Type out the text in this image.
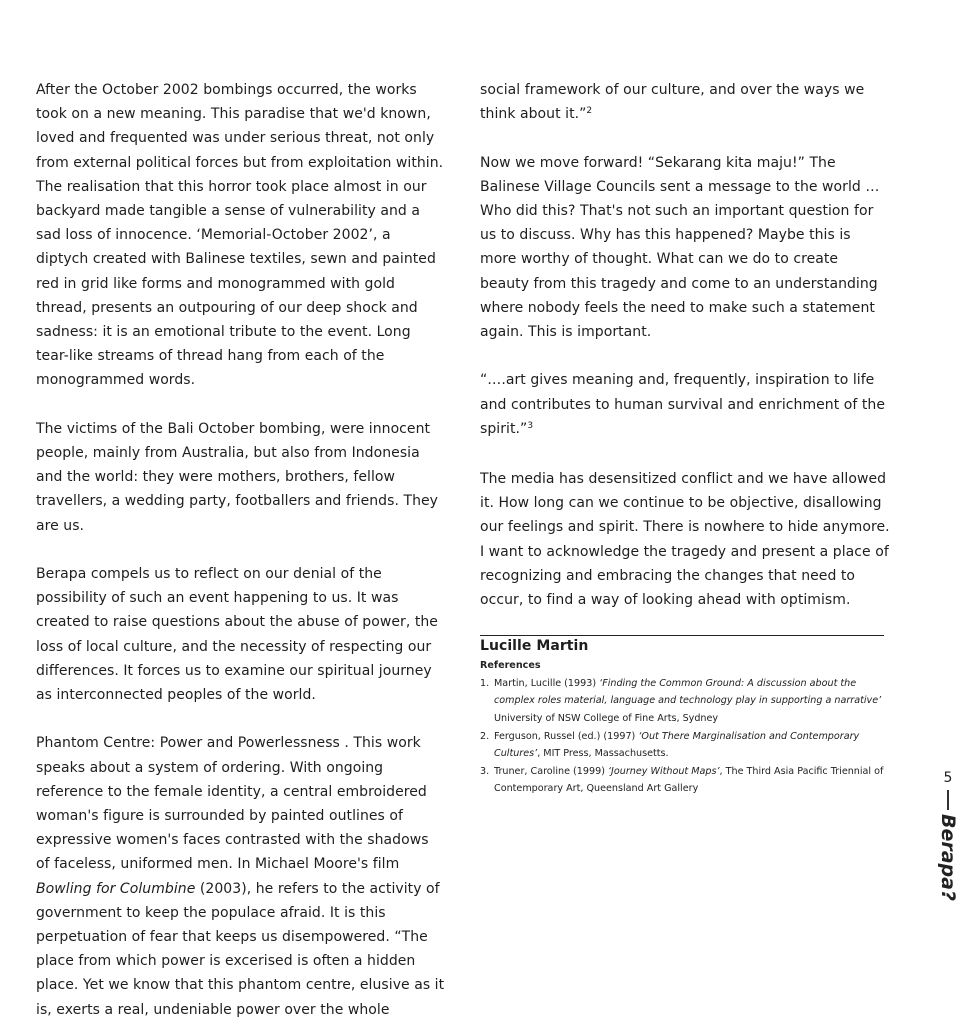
After the October 2002 bombings occurred, the works took on a new meaning. This paradise that we'd known, loved and frequented was under serious threat, not only from external political forces but from exploitation within. The realisation that this horror took place almost in our backyard made tangible a sense of vulnerability and a sad loss of innocence. ‘Memorial-October 2002’, a diptych created with Balinese textiles, sewn and painted red in grid like forms and monogrammed with gold thread, presents an outpouring of our deep shock and sadness: it is an emotional tribute to the event. Long tear-like streams of thread hang from each of the monogrammed words.

The victims of the Bali October bombing, were innocent people, mainly from Australia, but also from Indonesia and the world: they were mothers, brothers, fellow travellers, a wedding party, footballers and friends. They are us.

Berapa compels us to reflect on our denial of the possibility of such an event happening to us. It was created to raise questions about the abuse of power, the loss of local culture, and the necessity of respecting our differences. It forces us to examine our spiritual journey as interconnected peoples of the world.

Phantom Centre: Power and Powerlessness . This work speaks about a system of ordering. With ongoing reference to the female identity, a central embroidered woman's figure is surrounded by painted outlines of expressive women's faces contrasted with the shadows of faceless, uniformed men. In Michael Moore's film Bowling for Columbine (2003), he refers to the activity of government to keep the populace afraid. It is this perpetuation of fear that keeps us disempowered. “The place from which power is excerised is often a hidden place. Yet we know that this phantom centre, elusive as it is, exerts a real, undeniable power over the whole

social framework of our culture, and over the ways we think about it.”$^2$

Now we move forward! “Sekarang kita maju!” The Balinese Village Councils sent a message to the world … Who did this? That's not such an important question for us to discuss. Why has this happened? Maybe this is more worthy of thought. What can we do to create beauty from this tragedy and come to an understanding where nobody feels the need to make such a statement again. This is important.

“….art gives meaning and, frequently, inspiration to life and contributes to human survival and enrichment of the spirit.”$^3$

The media has desensitized conflict and we have allowed it. How long can we continue to be objective, disallowing our feelings and spirit. There is nowhere to hide anymore. I want to acknowledge the tragedy and present a place of recognizing and embracing the changes that need to occur, to find a way of looking ahead with optimism.

Lucille Martin

References

1. Martin, Lucille (1993) ‘Finding the Common Ground: A discussion about the complex roles material, language and technology play in supporting a narrative’ University of NSW College of Fine Arts, Sydney
2. Ferguson, Russel (ed.) (1997) ‘Out There Marginalisation and Contemporary Cultures’, MIT Press, Massachusetts.
3. Truner, Caroline (1999) ‘Journey Without Maps’, The Third Asia Pacific Triennial of Contemporary Art, Queensland Art Gallery
5
Berapa?
